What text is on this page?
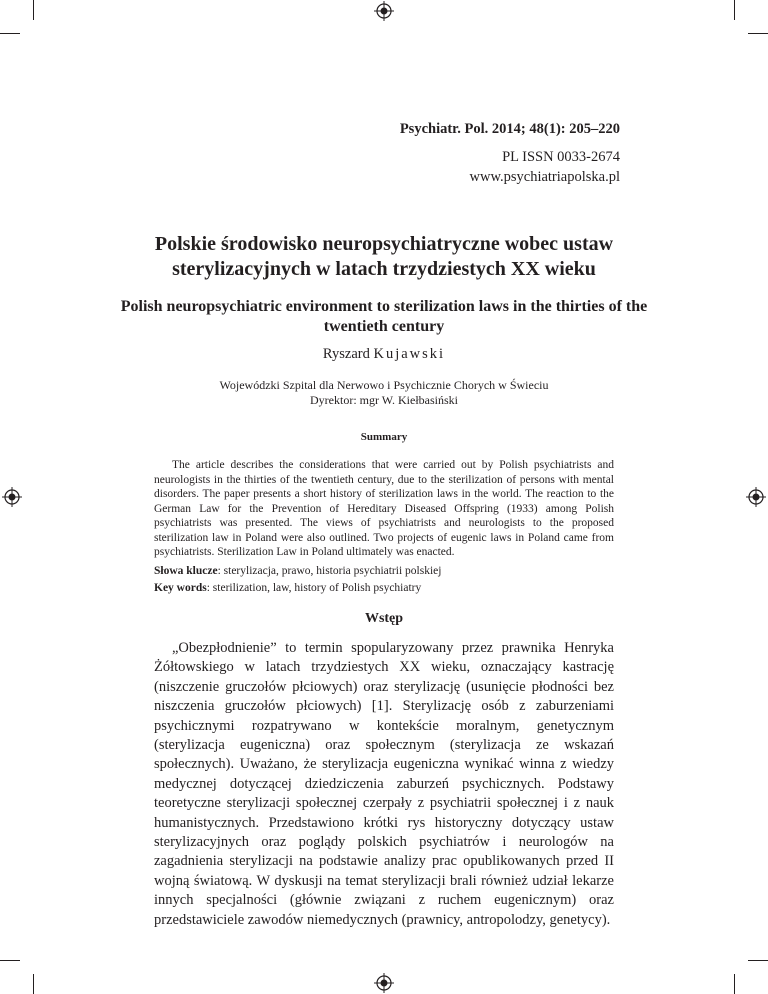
Psychiatr. Pol. 2014; 48(1): 205–220
PL ISSN 0033-2674
www.psychiatriapolska.pl
Polskie środowisko neuropsychiatryczne wobec ustaw sterylizacyjnych w latach trzydziestych XX wieku
Polish neuropsychiatric environment to sterilization laws in the thirties of the twentieth century
Ryszard Kujawski
Wojewódzki Szpital dla Nerwowo i Psychicznie Chorych w Świeciu
Dyrektor: mgr W. Kiełbasiński
Summary

The article describes the considerations that were carried out by Polish psychiatrists and neurologists in the thirties of the twentieth century, due to the sterilization of persons with mental disorders. The paper presents a short history of sterilization laws in the world. The reaction to the German Law for the Prevention of Hereditary Diseased Offspring (1933) among Polish psychiatrists was presented. The views of psychiatrists and neurologists to the proposed sterilization law in Poland were also outlined. Two projects of eugenic laws in Poland came from psychiatrists. Sterilization Law in Poland ultimately was enacted.

Słowa klucze: sterylizacja, prawo, historia psychiatrii polskiej
Key words: sterilization, law, history of Polish psychiatry
Wstęp

„Obezpłodnienie” to termin spopularyzowany przez prawnika Henryka Żółtowskiego w latach trzydziestych XX wieku, oznaczający kastrację (niszczenie gruczołów płciowych) oraz sterylizację (usunięcie płodności bez niszczenia gruczołów płciowych) [1]. Sterylizację osób z zaburzeniami psychicznymi rozpatrywano w kontekście moralnym, genetycznym (sterylizacja eugeniczna) oraz społecznym (sterylizacja ze wskazań społecznych). Uważano, że sterylizacja eugeniczna wynikać winna z wiedzy medycznej dotyczącej dziedziczenia zaburzeń psychicznych. Podstawy teoretyczne sterylizacji społecznej czerpały z psychiatrii społecznej i z nauk humanistycznych. Przedstawiono krótki rys historyczny dotyczący ustaw sterylizacyjnych oraz poglądy polskich psychiatrów i neurologów na zagadnienia sterylizacji na podstawie analizy prac opublikowanych przed II wojną światową. W dyskusji na temat sterylizacji brali również udział lekarze innych specjalności (głównie związani z ruchem eugenicznym) oraz przedstawiciele zawodów niemedycznych (prawnicy, antropolodzy, genetycy).
